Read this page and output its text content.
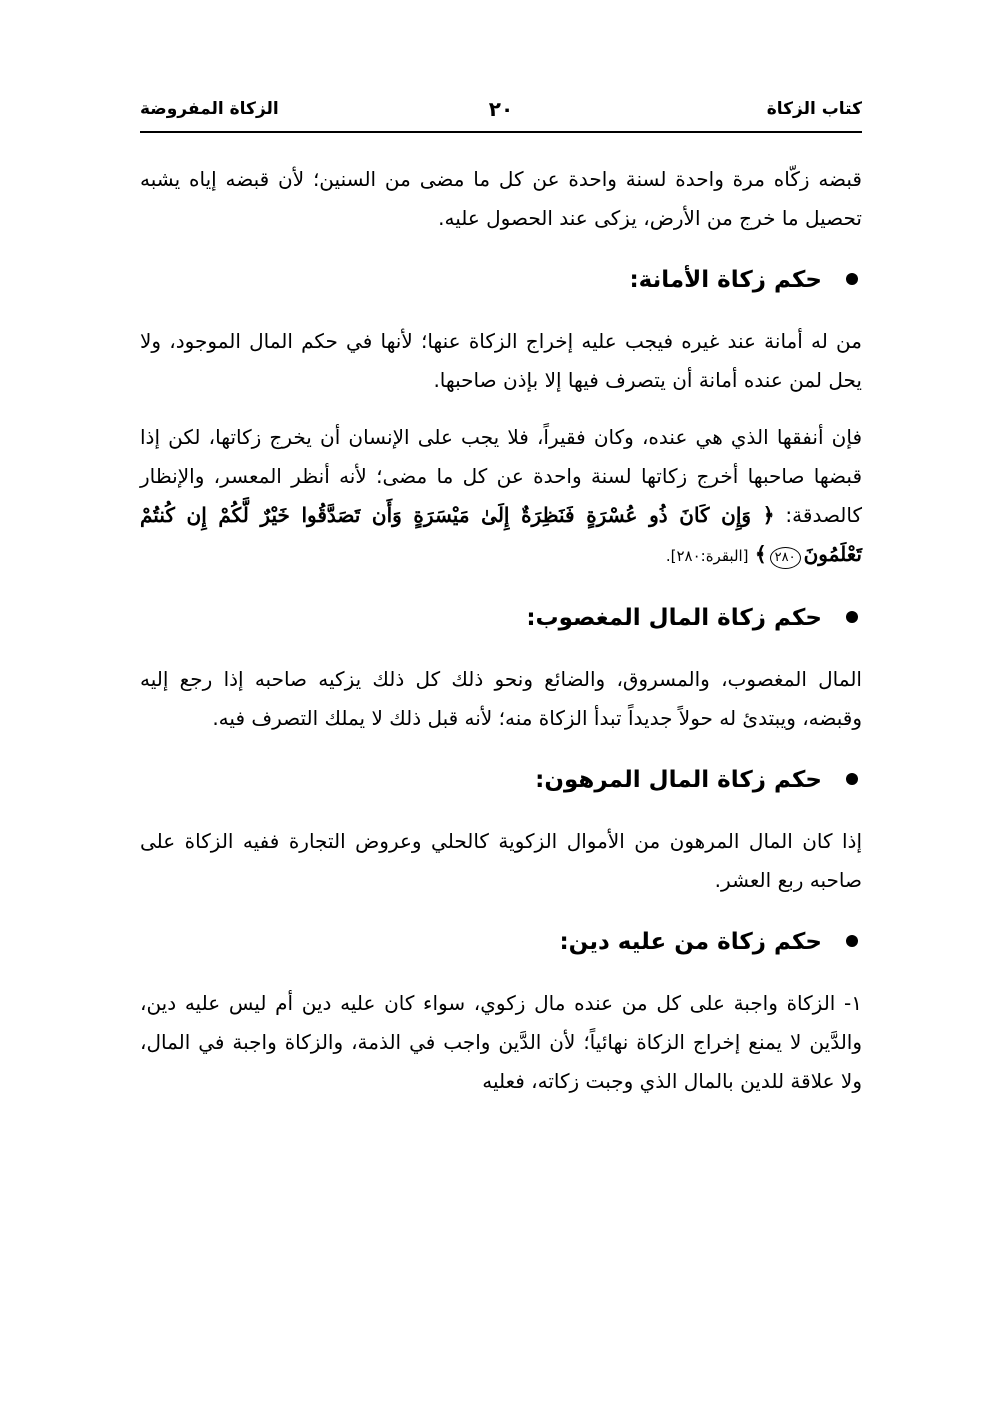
كتاب الزكاة
٢٠
الزكاة المفروضة

قبضه زكّاه مرة واحدة لسنة واحدة عن كل ما مضى من السنين؛ لأن قبضه إياه يشبه تحصيل ما خرج من الأرض، يزكى عند الحصول عليه.

حكم زكاة الأمانة:

من له أمانة عند غيره فيجب عليه إخراج الزكاة عنها؛ لأنها في حكم المال الموجود، ولا يحل لمن عنده أمانة أن يتصرف فيها إلا بإذن صاحبها.

فإن أنفقها الذي هي عنده، وكان فقيراً، فلا يجب على الإنسان أن يخرج زكاتها، لكن إذا قبضها صاحبها أخرج زكاتها لسنة واحدة عن كل ما مضى؛ لأنه أنظر المعسر، والإنظار كالصدقة: ﴿ وَإِن كَانَ ذُو عُسْرَةٍ فَنَظِرَةٌ إِلَىٰ مَيْسَرَةٍ وَأَن تَصَدَّقُوا خَيْرٌ لَّكُمْ إِن كُنتُمْ تَعْلَمُونَ٢٨٠﴾ [البقرة:٢٨٠].

حكم زكاة المال المغصوب:

المال المغصوب، والمسروق، والضائع ونحو ذلك كل ذلك يزكيه صاحبه إذا رجع إليه وقبضه، ويبتدئ له حولاً جديداً تبدأ الزكاة منه؛ لأنه قبل ذلك لا يملك التصرف فيه.

حكم زكاة المال المرهون:

إذا كان المال المرهون من الأموال الزكوية كالحلي وعروض التجارة ففيه الزكاة على صاحبه ربع العشر.

حكم زكاة من عليه دين:

١- الزكاة واجبة على كل من عنده مال زكوي، سواء كان عليه دين أم ليس عليه دين، والدَّين لا يمنع إخراج الزكاة نهائياً؛ لأن الدَّين واجب في الذمة، والزكاة واجبة في المال، ولا علاقة للدين بالمال الذي وجبت زكاته، فعليه
